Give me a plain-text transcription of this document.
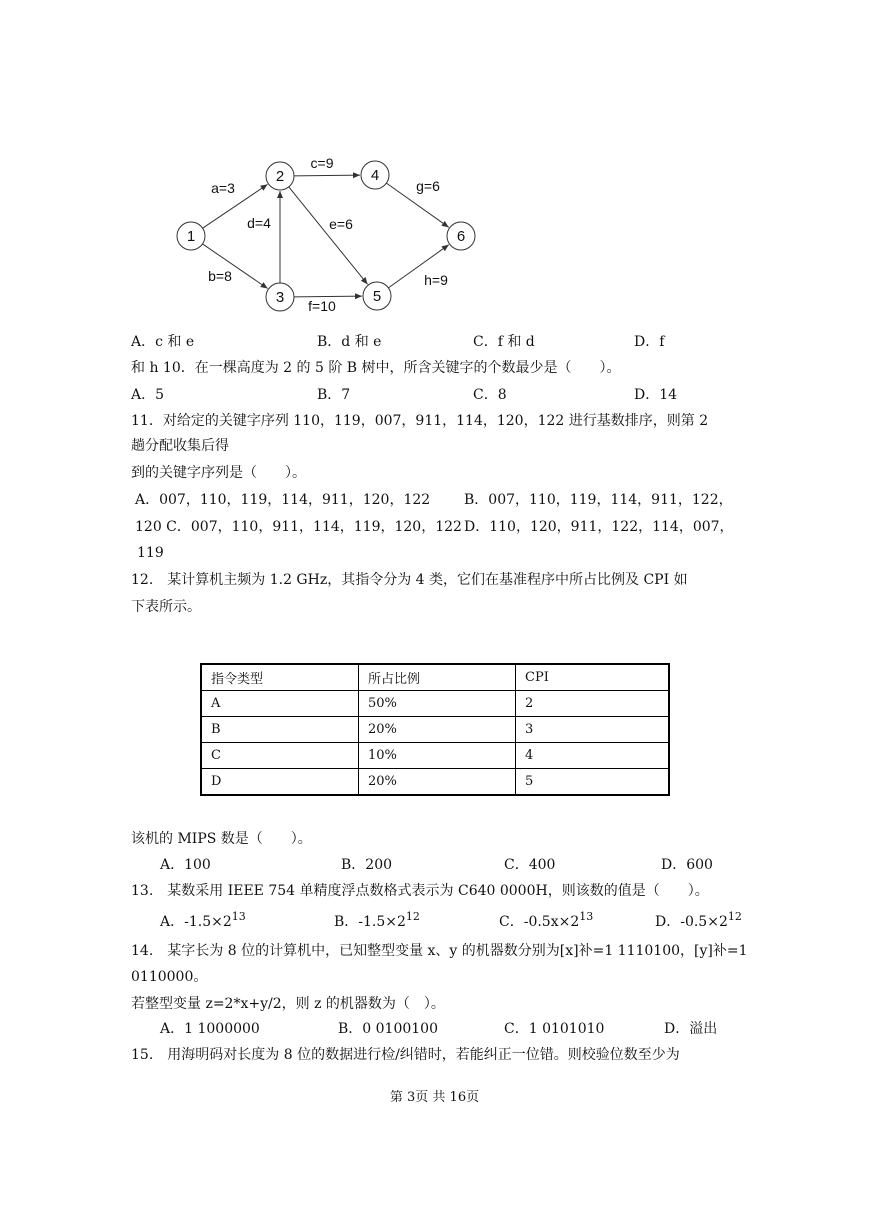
a=3
b=8
c=9
d=4	e=6
f=10
g=6
h=9
1
2
3
4
5
6
A．c 和 e	B．d 和 e	C．f 和 d	D．f
和 h 10．在一棵高度为 2 的 5 阶 B 树中，所含关键字的个数最少是（　　）。
A．5	B．7	C．8	D．14
11．对给定的关键字序列 110，119，007，911，114，120，122 进行基数排序，则第 2
趟分配收集后得
到的关键字序列是（　　）。
A．007，110，119，114，911，120，122 B．007，110，119，114，911，122，
120 C．007，110，911，114，119，120，122 D．110，120，911，122，114，007，
119
12.　某计算机主频为 1.2 GHz，其指令分为 4 类，它们在基准程序中所占比例及 CPI 如
下表所示。
指令类型	所占比例	CPI
A	50%	2
B	20%	3
C	10%	4
D	20%	5
该机的 MIPS 数是（　　）。
A．100	B．200	C．400	D．600
13.　某数采用 IEEE 754 单精度浮点数格式表示为 C640 0000H，则该数的值是（　　）。
A．$-1.5\times 2^{13}$	B．$-1.5\times 2^{12}$	C．$-0.5x\times 2^{13}$	D．$-0.5\times 2^{12}$
14.　某字长为 8 位的计算机中，已知整型变量 x、y 的机器数分别为[x]补=1 1110100，[y]补=1
0110000。
若整型变量 z=2*x+y/2，则 z 的机器数为（　）。
A．1 1000000	B．0 0100100	C．1 0101010	D．溢出
15.　用海明码对长度为 8 位的数据进行检/纠错时，若能纠正一位错。则校验位数至少为
第 3页 共 16页
